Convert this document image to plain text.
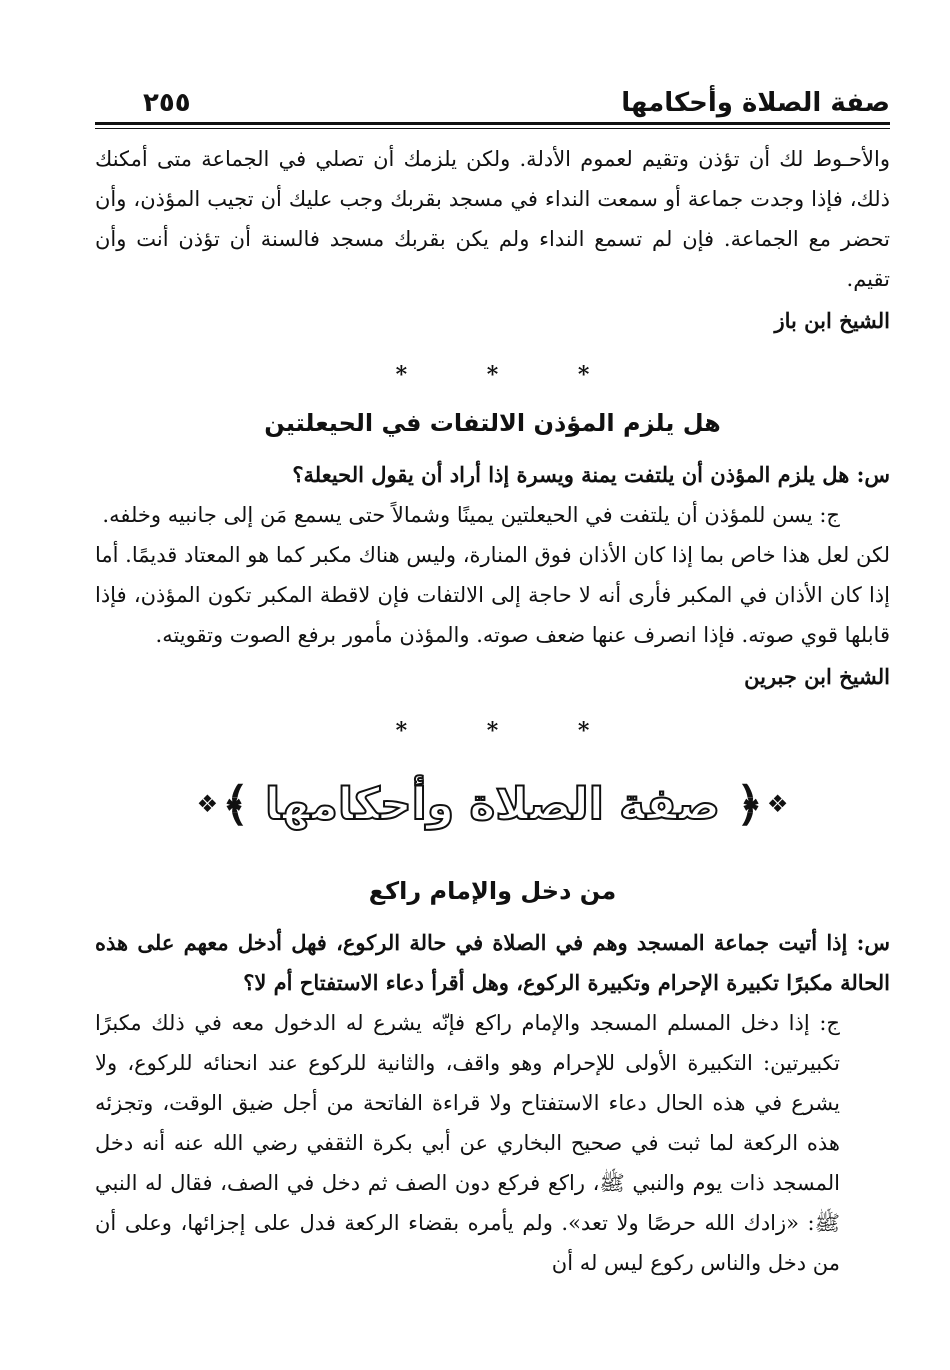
صفة الصلاة وأحكامها
٢٥٥

والأحـوط لك أن تؤذن وتقيم لعموم الأدلة. ولكن يلزمك أن تصلي في الجماعة متى أمكنك ذلك، فإذا وجدت جماعة أو سمعت النداء في مسجد بقربك وجب عليك أن تجيب المؤذن، وأن تحضر مع الجماعة. فإن لم تسمع النداء ولم يكن بقربك مسجد فالسنة أن تؤذن أنت وأن تقيم.

الشيخ ابن باز
* * *
هل يلزم المؤذن الالتفات في الحيعلتين

س: هل يلزم المؤذن أن يلتفت يمنة ويسرة إذا أراد أن يقول الحيعلة؟

ج: يسن للمؤذن أن يلتفت في الحيعلتين يمينًا وشمالاً حتى يسمع مَن إلى جانبيه وخلفه.

لكن لعل هذا خاص بما إذا كان الأذان فوق المنارة، وليس هناك مكبر كما هو المعتاد قديمًا. أما إذا كان الأذان في المكبر فأرى أنه لا حاجة إلى الالتفات فإن لاقطة المكبر تكون المؤذن، فإذا قابلها قوي صوته. فإذا انصرف عنها ضعف صوته. والمؤذن مأمور برفع الصوت وتقويته.

الشيخ ابن جبرين
* * *
❖
﴿
صفة الصلاة وأحكامها
﴾
❖
من دخل والإمام راكع

س: إذا أتيت جماعة المسجد وهم في الصلاة في حالة الركوع، فهل أدخل معهم على هذه الحالة مكبرًا تكبيرة الإحرام وتكبيرة الركوع، وهل أقرأ دعاء الاستفتاح أم لا؟

ج: إذا دخل المسلم المسجد والإمام راكع فإنّه يشرع له الدخول معه في ذلك مكبرًا تكبيرتين: التكبيرة الأولى للإحرام وهو واقف، والثانية للركوع عند انحنائه للركوع، ولا يشرع في هذه الحال دعاء الاستفتاح ولا قراءة الفاتحة من أجل ضيق الوقت، وتجزئه هذه الركعة لما ثبت في صحيح البخاري عن أبي بكرة الثقفي رضي الله عنه أنه دخل المسجد ذات يوم والنبي ﷺ، راكع فركع دون الصف ثم دخل في الصف، فقال له النبي ﷺ: «زادك الله حرصًا ولا تعد». ولم يأمره بقضاء الركعة فدل على إجزائها، وعلى أن من دخل والناس ركوع ليس له أن
